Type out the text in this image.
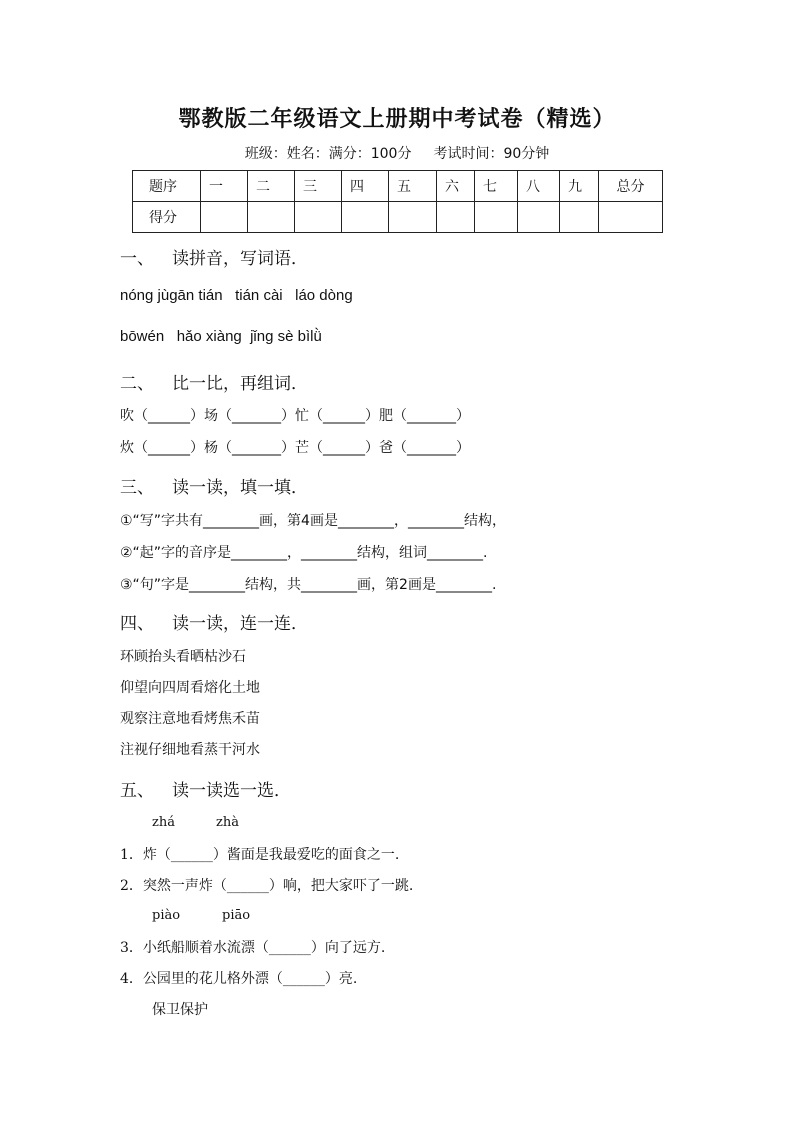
鄂教版二年级语文上册期中考试卷（精选）
班级：姓名：满分：100分 考试时间：90分钟
题序	一	二	三	四	五	六	七	八	九	总分
得分										
一、 读拼音，写词语．
nóng jùgān tián   tián cài   láo dòng
bōwén   hǎo xiàng  jǐng sè bìlǜ
二、 比一比，再组词．
吹（______）场（_______）忙（______）肥（_______）
炊（______）杨（_______）芒（______）爸（_______）
三、 读一读，填一填．
①“写”字共有________画，第4画是________，________结构，
②“起”字的音序是________，________结构，组词________.
③“句”字是________结构，共________画，第2画是________.
四、 读一读，连一连．
环顾抬头看晒枯沙石
仰望向四周看熔化土地
观察注意地看烤焦禾苗
注视仔细地看蒸干河水
五、 读一读选一选．
zhá	zhà
1．炸（______）酱面是我最爱吃的面食之一.
2．突然一声炸（______）响，把大家吓了一跳.
piào	piāo
3．小纸船顺着水流漂（______）向了远方.
4．公园里的花儿格外漂（______）亮.
保卫保护
